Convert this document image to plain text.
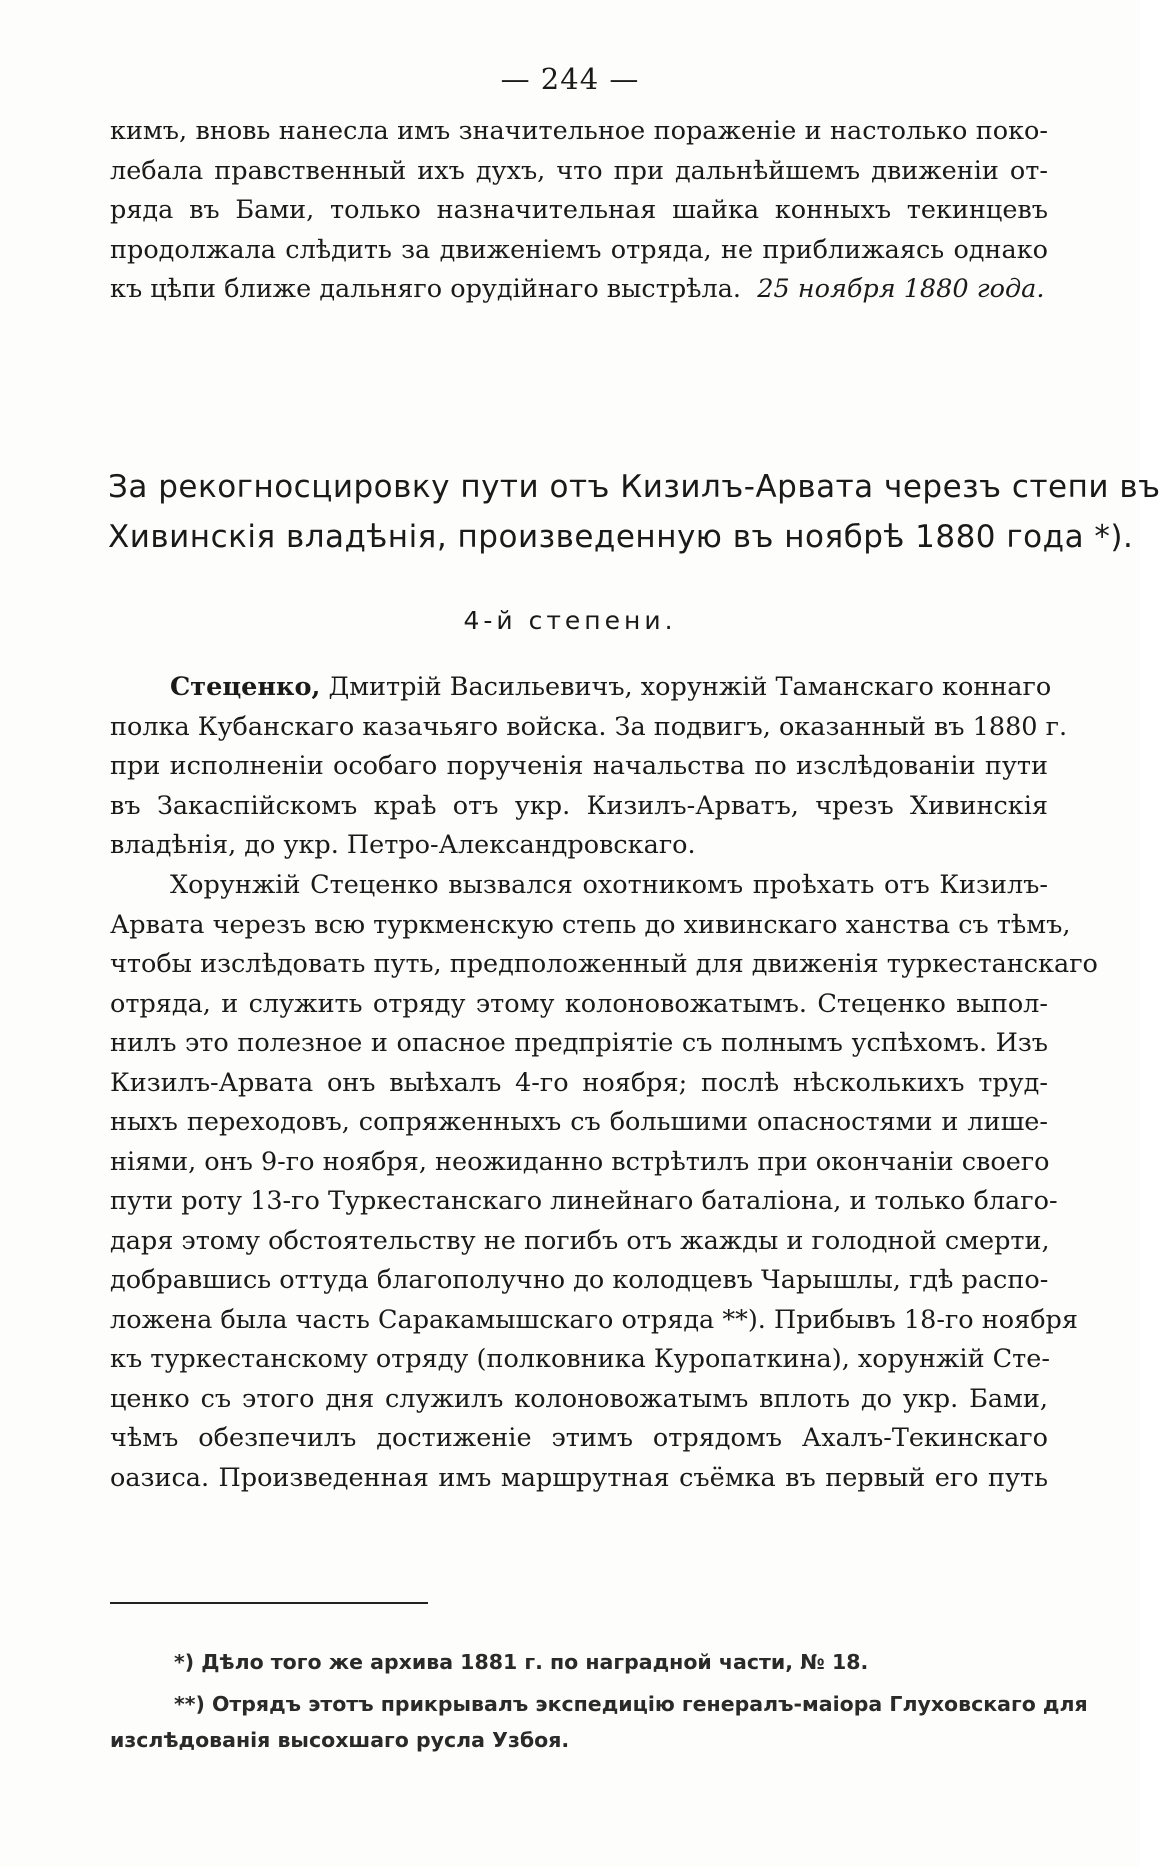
— 244 —
кимъ, вновь нанесла имъ значительное пораженіе и настолько поко-
лебала правственный ихъ духъ, что при дальнѣйшемъ движеніи от-
ряда въ Бами, только назначительная шайка конныхъ текинцевъ
продолжала слѣдить за движеніемъ отряда, не приближаясь однако
къ цѣпи ближе дальняго орудійнаго выстрѣла. 25 ноября 1880 года.
За рекогносцировку пути отъ Кизилъ-Арвата черезъ степи въ
Хивинскія владѣнія, произведенную въ ноябрѣ 1880 года *).
4-й степени.
Стеценко, Дмитрій Васильевичъ, хорунжій Таманскаго коннаго
полка Кубанскаго казачьяго войска. За подвигъ, оказанный въ 1880 г.
при исполненіи особаго порученія начальства по изслѣдованіи пути
въ Закаспійскомъ краѣ отъ укр. Кизилъ-Арватъ, чрезъ Хивинскія
владѣнія, до укр. Петро-Александровскаго.
Хорунжій Стеценко вызвался охотникомъ проѣхать отъ Кизилъ-
Арвата черезъ всю туркменскую степь до хивинскаго ханства съ тѣмъ,
чтобы изслѣдовать путь, предположенный для движенія туркестанскаго
отряда, и служить отряду этому колоновожатымъ. Стеценко выпол-
нилъ это полезное и опасное предпріятіе съ полнымъ успѣхомъ. Изъ
Кизилъ-Арвата онъ выѣхалъ 4-го ноября; послѣ нѣсколькихъ труд-
ныхъ переходовъ, сопряженныхъ съ большими опасностями и лише-
ніями, онъ 9-го ноября, неожиданно встрѣтилъ при окончаніи своего
пути роту 13-го Туркестанскаго линейнаго баталіона, и только благо-
даря этому обстоятельству не погибъ отъ жажды и голодной смерти,
добравшись оттуда благополучно до колодцевъ Чарышлы, гдѣ распо-
ложена была часть Саракамышскаго отряда **). Прибывъ 18-го ноября
къ туркестанскому отряду (полковника Куропаткина), хорунжій Сте-
ценко съ этого дня служилъ колоновожатымъ вплоть до укр. Бами,
чѣмъ обезпечилъ достиженіе этимъ отрядомъ Ахалъ-Текинскаго
оазиса. Произведенная имъ маршрутная съёмка въ первый его путь
*) Дѣло того же архива 1881 г. по наградной части, № 18.
**) Отрядъ этотъ прикрывалъ экспедицію генералъ-маіора Глуховскаго для
изслѣдованія высохшаго русла Узбоя.
